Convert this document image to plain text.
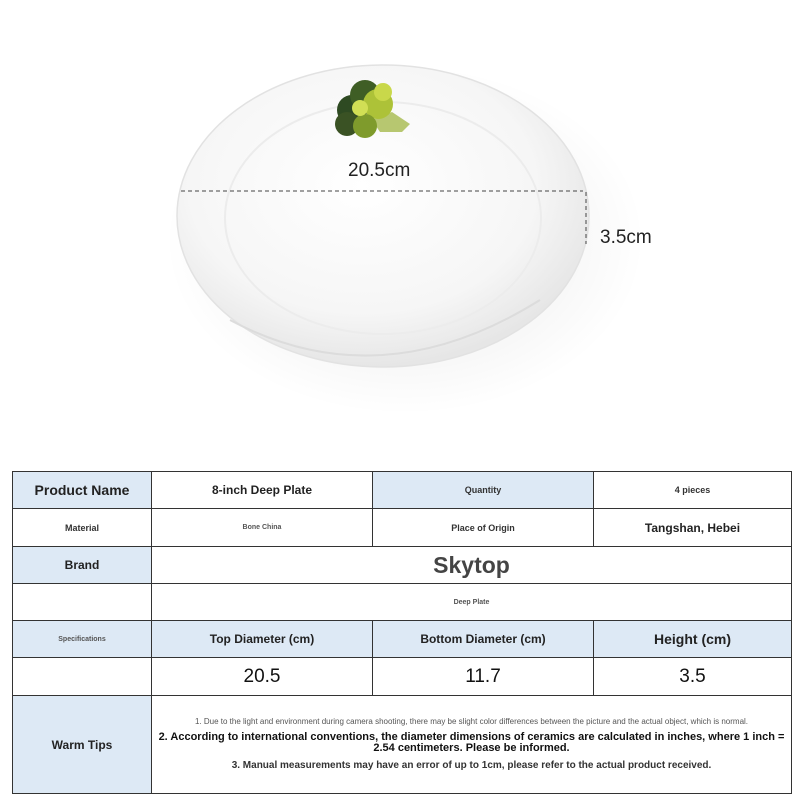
20.5cm
3.5cm
Product Name	8-inch Deep Plate	Quantity	4 pieces
Material	Bone China	Place of Origin	Tangshan, Hebei
Brand	Skytop		
	Deep Plate		
Specifications	Top Diameter (cm)	Bottom Diameter (cm)	Height (cm)
	20.5	11.7	3.5
Warm Tips	1. Due to the light and environment during camera shooting, there may be slight color differences between the picture and the actual object, which is normal.

2. According to international conventions, the diameter dimensions of ceramics are calculated in inches, where 1 inch = 2.54 centimeters. Please be informed.

3. Manual measurements may have an error of up to 1cm, please refer to the actual product received.		
